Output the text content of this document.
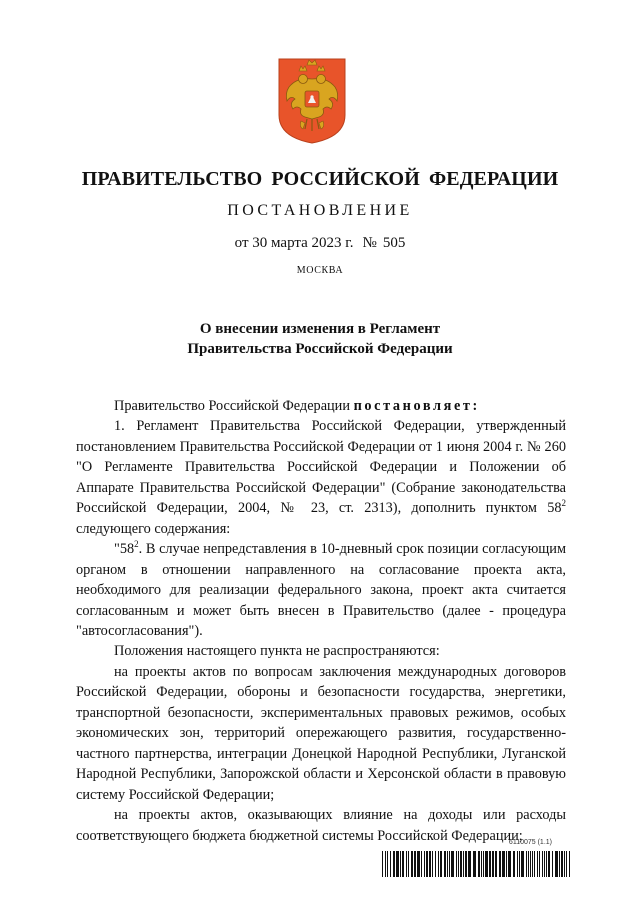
ПРАВИТЕЛЬСТВО РОССИЙСКОЙ ФЕДЕРАЦИИ
ПОСТАНОВЛЕНИЕ
от 30 марта 2023 г. № 505
МОСКВА
О внесении изменения в Регламент
Правительства Российской Федерации

Правительство Российской Федерации постановляет:

1. Регламент Правительства Российской Федерации, утвержденный постановлением Правительства Российской Федерации от 1 июня 2004 г. № 260 "О Регламенте Правительства Российской Федерации и Положении об Аппарате Правительства Российской Федерации" (Собрание законодательства Российской Федерации, 2004, № 23, ст. 2313), дополнить пунктом $58^2$ следующего содержания:

"$58^2$. В случае непредставления в 10-дневный срок позиции согласующим органом в отношении направленного на согласование проекта акта, необходимого для реализации федерального закона, проект акта считается согласованным и может быть внесен в Правительство (далее - процедура "автосогласования").

Положения настоящего пункта не распространяются:

на проекты актов по вопросам заключения международных договоров Российской Федерации, обороны и безопасности государства, энергетики, транспортной безопасности, экспериментальных правовых режимов, особых экономических зон, территорий опережающего развития, государственно-частного партнерства, интеграции Донецкой Народной Республики, Луганской Народной Республики, Запорожской области и Херсонской области в правовую систему Российской Федерации;

на проекты актов, оказывающих влияние на доходы или расходы соответствующего бюджета бюджетной системы Российской Федерации;

6110075 (1.1)
